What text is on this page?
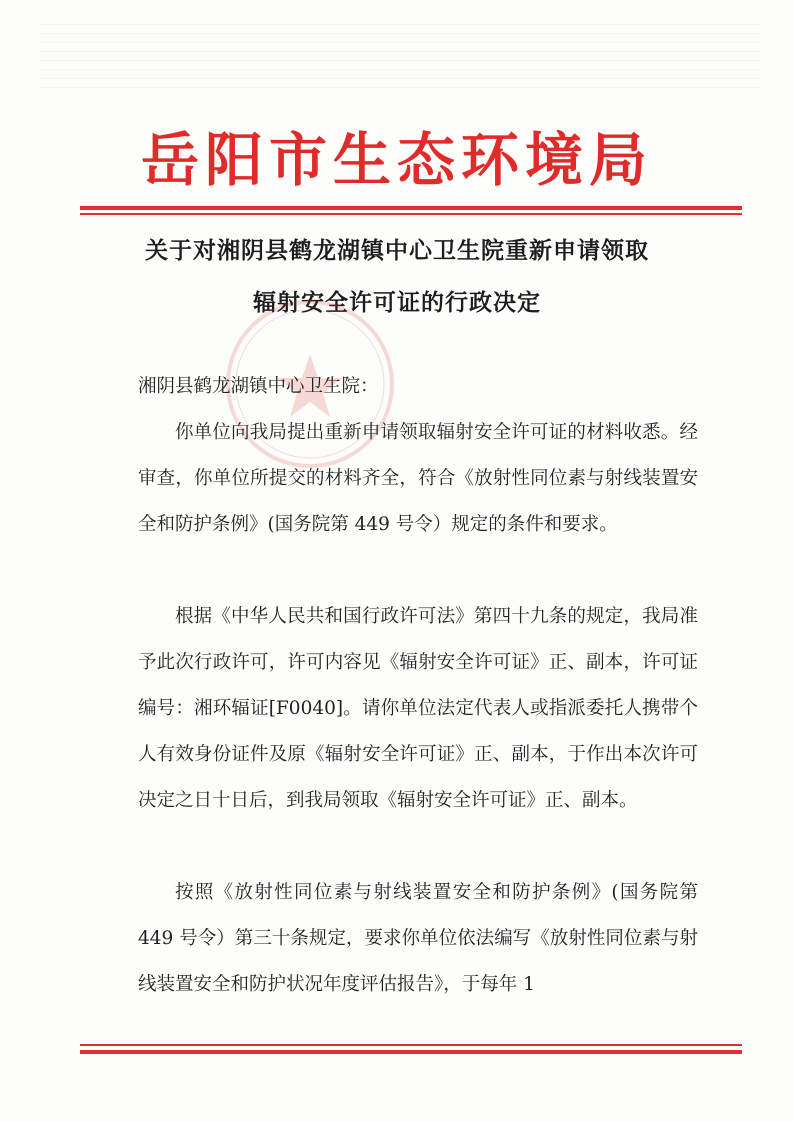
岳阳市生态环境局
关于对湘阴县鹤龙湖镇中心卫生院重新申请领取
辐射安全许可证的行政决定
湘阴县鹤龙湖镇中心卫生院：
你单位向我局提出重新申请领取辐射安全许可证的材料收悉。经审查，你单位所提交的材料齐全，符合《放射性同位素与射线装置安全和防护条例》(国务院第 449 号令）规定的条件和要求。
根据《中华人民共和国行政许可法》第四十九条的规定，我局准予此次行政许可，许可内容见《辐射安全许可证》正、副本，许可证编号：湘环辐证[F0040]。请你单位法定代表人或指派委托人携带个人有效身份证件及原《辐射安全许可证》正、副本，于作出本次许可决定之日十日后，到我局领取《辐射安全许可证》正、副本。
按照《放射性同位素与射线装置安全和防护条例》(国务院第 449 号令）第三十条规定，要求你单位依法编写《放射性同位素与射线装置安全和防护状况年度评估报告》，于每年 1
